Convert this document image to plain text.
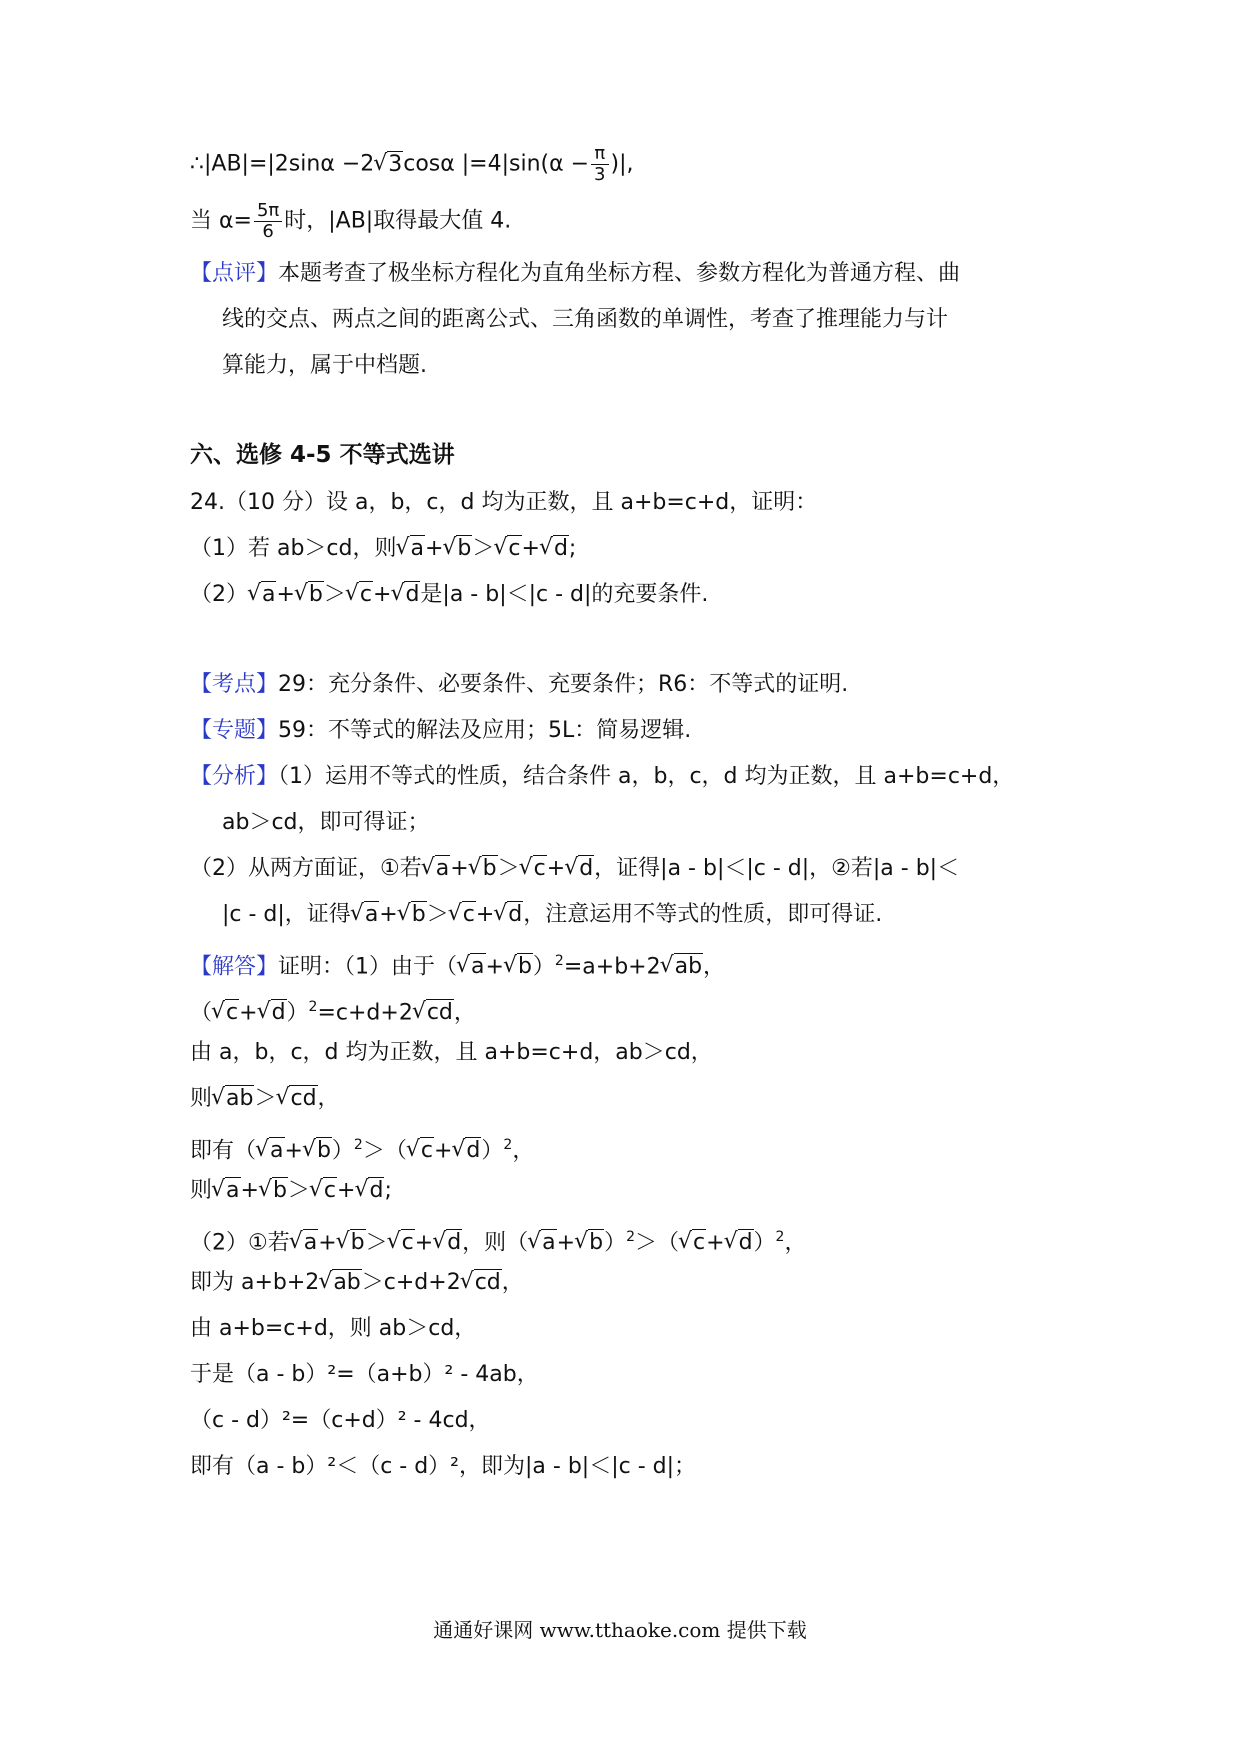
∴|AB|=|2sinα −2 √ 3cosα $|=4|\sin(\alpha - \frac{\pi}{3}$ )|,
当 $\alpha= \frac{5\pi}{6}$ 时，|AB|取得最大值 4.
【点评】本题考查了极坐标方程化为直角坐标方程、参数方程化为普通方程、曲
线的交点、两点之间的距离公式、三角函数的单调性，考查了推理能力与计
算能力，属于中档题.
六、选修 4-5 不等式选讲
24.（10 分）设 a，b，c，d 均为正数，且 a+b=c+d，证明：
（1）若 ab＞cd，则 √ a+ √ b＞ √ c+ √ d;
（2） √ a+ √ b＞ √ c+ √ d是|a - b|＜|c - d|的充要条件.
【考点】29：充分条件、必要条件、充要条件；R6：不等式的证明.
【专题】59：不等式的解法及应用；5L：简易逻辑.
【分析】（1）运用不等式的性质，结合条件 a，b，c，d 均为正数，且 a+b=c+d，
ab＞cd，即可得证；
（2）从两方面证，①若 √ a+ √ b＞ √ c+ √ d，证得|a - b|＜|c - d|，②若|a - b|＜
|c - d|，证得 √ a+ √ b＞ √ c+ √ d，注意运用不等式的性质，即可得证.
【解答】证明：（1）由于（ √ a+ √ b）$^2$=a+b+2 √ ab，
（ √ c+ √ d）$^2$=c+d+2 √ cd，
由 a，b，c，d 均为正数，且 a+b=c+d，ab＞cd，
则 √ ab＞ √ cd，
即有（ √ a+ √ b）$^2$＞（ √ c+ √ d）$^2$，
则 √ a+ √ b＞ √ c+ √ d;
（2）①若 √ a+ √ b＞ √ c+ √ d，则（ √ a+ √ b）$^2$＞（ √ c+ √ d）$^2$，
即为 a+b+2 √ ab＞c+d+2 √ cd，
由 a+b=c+d，则 ab＞cd，
于是（a - b）²=（a+b）² - 4ab，
（c - d）²=（c+d）² - 4cd，
即有（a - b）²＜（c - d）²，即为|a - b|＜|c - d|；
通通好课网 www.tthaoke.com 提供下载
